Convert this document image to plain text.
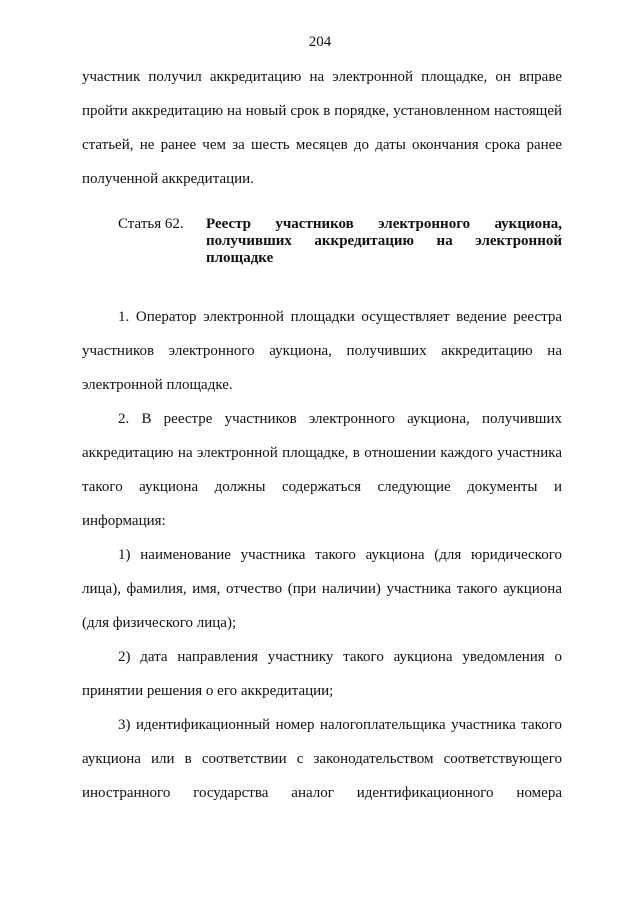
204

участник получил аккредитацию на электронной площадке, он вправе пройти аккредитацию на новый срок в порядке, установленном настоящей статьей, не ранее чем за шесть месяцев до даты окончания срока ранее полученной аккредитации.

Статья 62.	Реестр участников электронного аукциона, получивших аккредитацию на электронной площадке

1. Оператор электронной площадки осуществляет ведение реестра участников электронного аукциона, получивших аккредитацию на электронной площадке.

2. В реестре участников электронного аукциона, получивших аккредитацию на электронной площадке, в отношении каждого участника такого аукциона должны содержаться следующие документы и информация:

1) наименование участника такого аукциона (для юридического лица), фамилия, имя, отчество (при наличии) участника такого аукциона (для физического лица);

2) дата направления участнику такого аукциона уведомления о принятии решения о его аккредитации;

3) идентификационный номер налогоплательщика участника такого аукциона или в соответствии с законодательством соответствующего иностранного государства аналог идентификационного номера
